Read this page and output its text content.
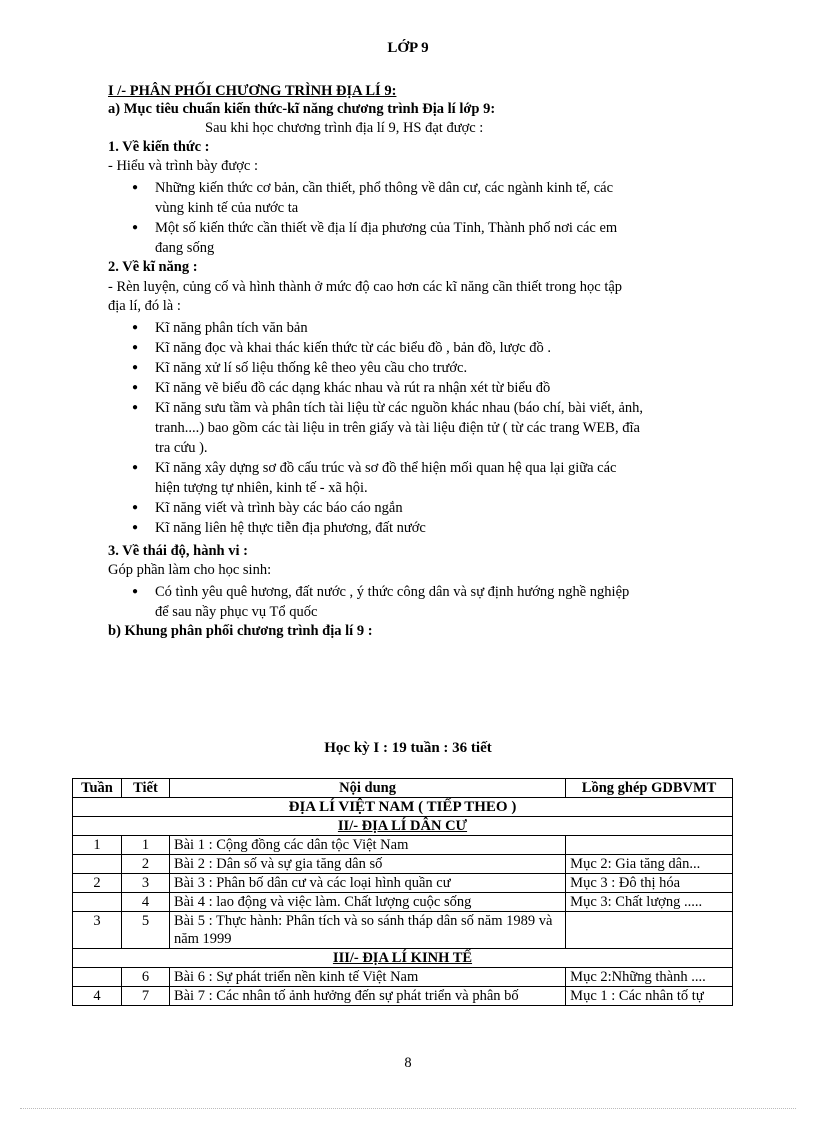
LỚP 9
I /- PHÂN PHỐI CHƯƠNG TRÌNH ĐỊA LÍ 9:
a) Mục tiêu chuẩn kiến thức-kĩ năng chương trình Địa lí lớp 9:
Sau khi học chương trình địa lí 9, HS đạt được :
1. Về kiến thức :
- Hiểu và trình bày được :
● Những kiến thức cơ bản, cần thiết, phổ thông về dân cư, các ngành kinh tế, các
vùng kinh tế của nước ta
● Một số kiến thức cần thiết về địa lí địa phương của Tỉnh, Thành phố nơi các em
đang sống
2. Về kĩ năng :
- Rèn luyện, củng cố và hình thành ở mức độ cao hơn các kĩ năng cần thiết trong học tập
địa lí, đó là :
● Kĩ năng phân tích văn bản
● Kĩ năng đọc và khai thác kiến thức từ các biểu đồ , bản đồ, lược đồ .
● Kĩ năng xử lí số liệu thống kê theo yêu cầu cho trước.
● Kĩ năng vẽ biểu đồ các dạng khác nhau và rút ra nhận xét từ biểu đồ
● Kĩ năng sưu tầm và phân tích tài liệu từ các nguồn khác nhau (báo chí, bài viết, ảnh,
tranh....) bao gồm các tài liệu in trên giấy và tài liệu điện tử ( từ các trang WEB, đĩa
tra cứu ).
● Kĩ năng xây dựng sơ đồ cấu trúc và sơ đồ thể hiện mối quan hệ qua lại giữa các
hiện tượng tự nhiên, kinh tế - xã hội.
● Kĩ năng viết và trình bày các báo cáo ngắn
● Kĩ năng liên hệ thực tiễn địa phương, đất nước
3. Về thái độ, hành vi :
Góp phần làm cho học sinh:
● Có tình yêu quê hương, đất nước , ý thức công dân và sự định hướng nghề nghiệp
để sau nầy phục vụ Tổ quốc
b) Khung phân phối chương trình địa lí 9 :
Học kỳ I : 19 tuần : 36 tiết
Tuần	Tiết	Nội dung	Lồng ghép GDBVMT
ĐỊA LÍ VIỆT NAM ( TIẾP THEO )			
II/- ĐỊA LÍ DÂN CƯ			
1	1	Bài 1 : Cộng đồng các dân tộc Việt Nam	
	2	Bài 2 : Dân số và sự gia tăng dân số	Mục 2: Gia tăng dân...
2	3	Bài 3 : Phân bố dân cư và các loại hình quần cư	Mục 3 : Đô thị hóa
	4	Bài 4 : lao động và việc làm. Chất lượng cuộc sống	Mục 3: Chất lượng .....
3	5	Bài 5 : Thực hành: Phân tích và so sánh tháp dân số năm 1989 và năm 1999	
III/- ĐỊA LÍ KINH TẾ			
	6	Bài 6 : Sự phát triển nền kinh tế Việt Nam	Mục 2:Những thành ....
4	7	Bài 7 : Các nhân tố ảnh hưởng đến sự phát triển và phân bố	Mục 1 : Các nhân tố tự
8
